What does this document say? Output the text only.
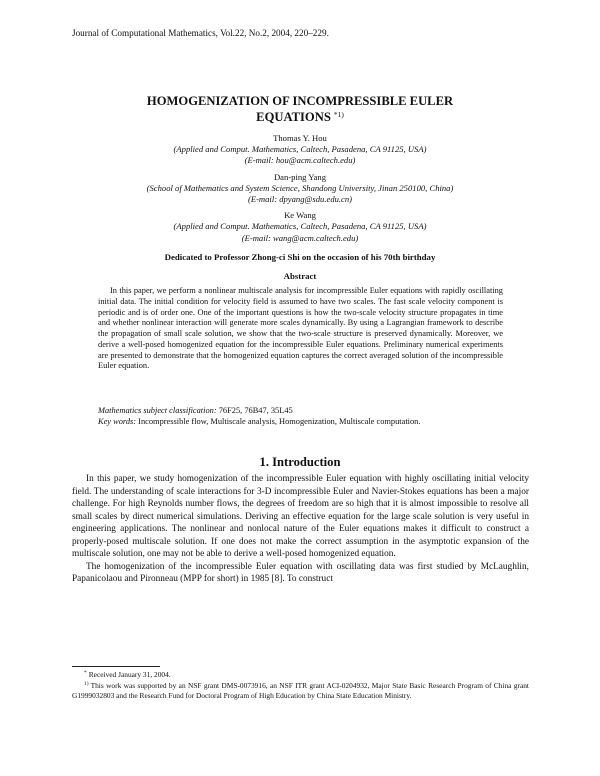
Journal of Computational Mathematics, Vol.22, No.2, 2004, 220–229.
HOMOGENIZATION OF INCOMPRESSIBLE EULER
EQUATIONS $^{*1)}$
Thomas Y. Hou
(Applied and Comput. Mathematics, Caltech, Pasadena, CA 91125, USA)
(E-mail: hou@acm.caltech.edu)
Dan-ping Yang
(School of Mathematics and System Science, Shandong University, Jinan 250100, China)
(E-mail: dpyang@sdu.edu.cn)
Ke Wang
(Applied and Comput. Mathematics, Caltech, Pasadena, CA 91125, USA)
(E-mail: wang@acm.caltech.edu)
Dedicated to Professor Zhong-ci Shi on the occasion of his 70th birthday
Abstract

In this paper, we perform a nonlinear multiscale analysis for incompressible Euler equations with rapidly oscillating initial data. The initial condition for velocity field is assumed to have two scales. The fast scale velocity component is periodic and is of order one. One of the important questions is how the two-scale velocity structure propagates in time and whether nonlinear interaction will generate more scales dynamically. By using a Lagrangian framework to describe the propagation of small scale solution, we show that the two-scale structure is preserved dynamically. Moreover, we derive a well-posed homogenized equation for the incompressible Euler equations. Preliminary numerical experiments are presented to demonstrate that the homogenized equation captures the correct averaged solution of the incompressible Euler equation.

Mathematics subject classification: 76F25, 76B47, 35L45
Key words: Incompressible flow, Multiscale analysis, Homogenization, Multiscale computation.
1. Introduction

In this paper, we study homogenization of the incompressible Euler equation with highly oscillating initial velocity field. The understanding of scale interactions for 3-D incompressible Euler and Navier-Stokes equations has been a major challenge. For high Reynolds number flows, the degrees of freedom are so high that it is almost impossible to resolve all small scales by direct numerical simulations. Deriving an effective equation for the large scale solution is very useful in engineering applications. The nonlinear and nonlocal nature of the Euler equations makes it difficult to construct a properly-posed multiscale solution. If one does not make the correct assumption in the asymptotic expansion of the multiscale solution, one may not be able to derive a well-posed homogenized equation.

The homogenization of the incompressible Euler equation with oscillating data was first studied by McLaughlin, Papanicolaou and Pironneau (MPP for short) in 1985 [8]. To construct

* Received January 31, 2004.

$^{1)}$ This work was supported by an NSF grant DMS-0073916, an NSF ITR grant ACI-0204932, Major State Basic Research Program of China grant G1999032803 and the Research Fund for Doctoral Program of High Education by China State Education Ministry.
